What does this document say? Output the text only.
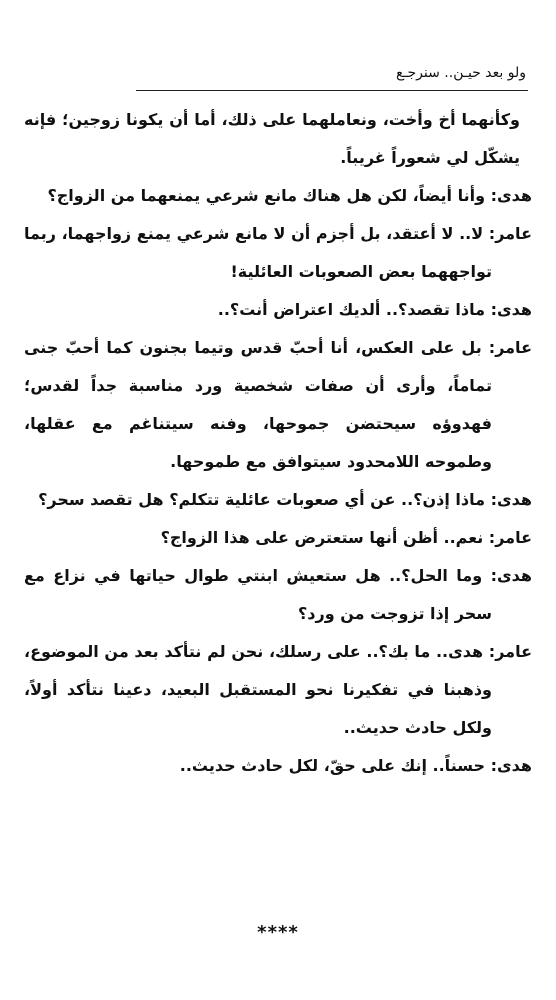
ولو بعد حيـن.. سنرجـع

وكأنهما أخ وأخت، ونعاملهما على ذلك، أما أن يكونا زوجين؛ فإنه يشكّل لي شعوراً غريباً.

هدى: وأنا أيضاً، لكن هل هناك مانع شرعي يمنعهما من الزواج؟

عامر: لا.. لا أعتقد، بل أجزم أن لا مانع شرعي يمنع زواجهما، ربما تواجههما بعض الصعوبات العائلية!

هدى: ماذا تقصد؟.. ألديك اعتراض أنت؟..

عامر: بل على العكس، أنا أحبّ قدس وتيما بجنون كما أحبّ جنى تماماً، وأرى أن صفات شخصية ورد مناسبة جداً لقدس؛ فهدوؤه سيحتضن جموحها، وفنه سيتناغم مع عقلها، وطموحه اللامحدود سيتوافق مع طموحها.

هدى: ماذا إذن؟.. عن أي صعوبات عائلية تتكلم؟ هل تقصد سحر؟

عامر: نعم.. أظن أنها ستعترض على هذا الزواج؟

هدى: وما الحل؟.. هل ستعيش ابنتي طوال حياتها في نزاع مع سحر إذا تزوجت من ورد؟

عامر: هدى.. ما بك؟.. على رسلك، نحن لم نتأكد بعد من الموضوع، وذهبنا في تفكيرنا نحو المستقبل البعيد، دعينا نتأكد أولاً، ولكل حادث حديث..

هدى: حسناً.. إنك على حقّ، لكل حادث حديث..

****
